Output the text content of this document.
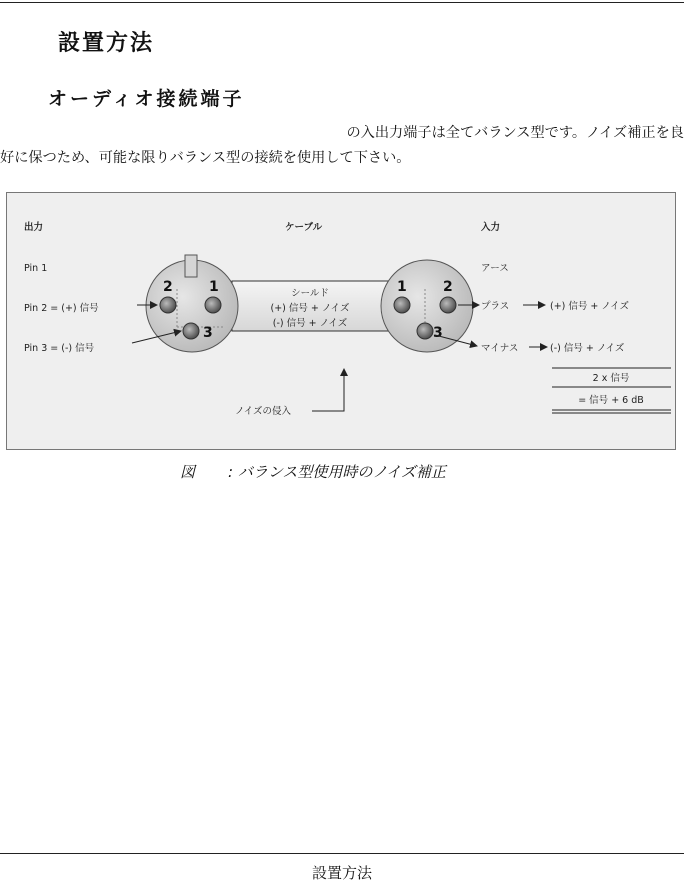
設置方法
オーディオ接続端子
の入出力端子は全てバランス型です。ノイズ補正を良
好に保つため、可能な限りバランス型の接続を使用して下さい。
出力	ケーブル	入力
Pin 1
Pin 2 = (+) 信号
Pin 3 = (-) 信号
2	1
3
シールド
(+) 信号 + ノイズ
(-) 信号 + ノイズ
1	2
3
アース
プラス	(+) 信号 + ノイズ
マイナス	(-) 信号 + ノイズ
2 x 信号
= 信号 + 6 dB
ノイズの侵入
図 : バランス型使用時のノイズ補正
設置方法
